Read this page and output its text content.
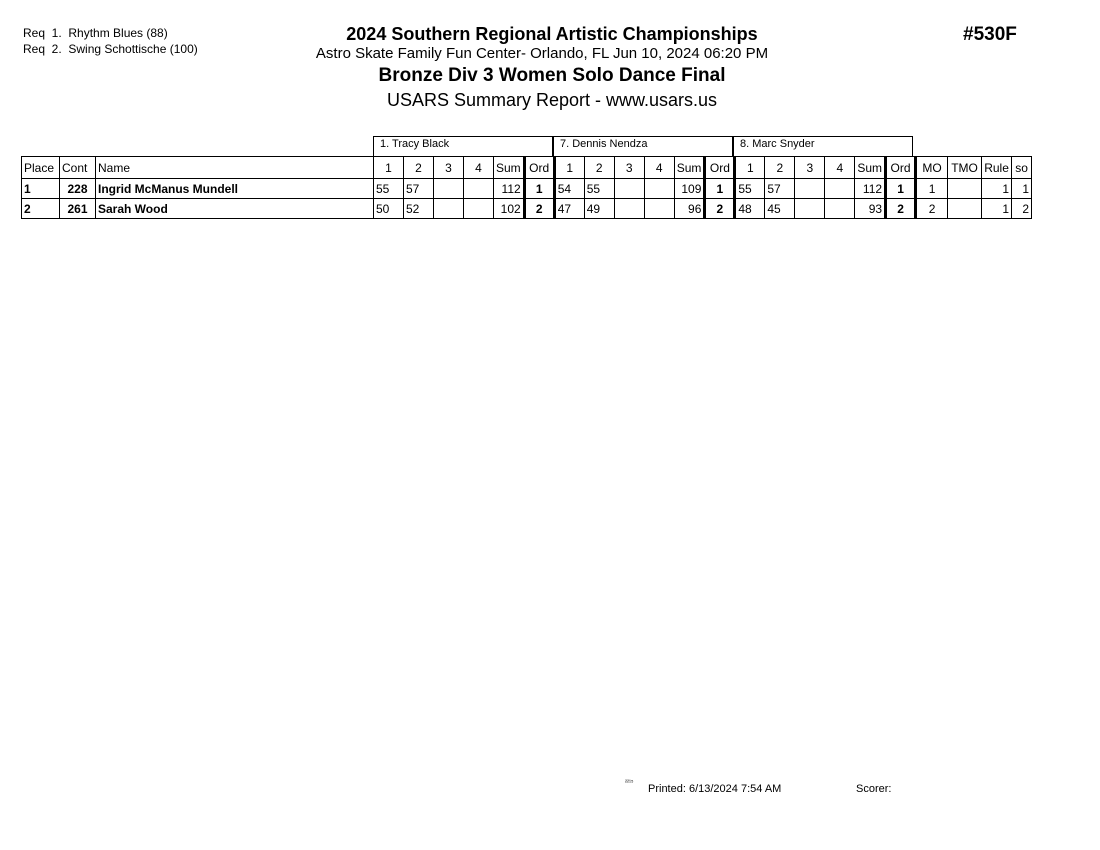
Req  1.  Rhythm Blues (88)
Req  2.  Swing Schottische (100)
2024 Southern Regional Artistic Championships
Astro Skate Family Fun Center- Orlando, FL Jun 10, 2024 06:20 PM
Bronze Div 3 Women Solo Dance Final
USARS Summary Report - www.usars.us
#530F
1. Tracy Black	7. Dennis Nendza	8. Marc Snyder
Place	Cont	Name	1	2	3	4	Sum	Ord	1	2	3	4	Sum	Ord	1	2	3	4	Sum	Ord	MO	TMO	Rule	so
1	228	Ingrid McManus Mundell	55	57			112	1	54	55			109	1	55	57			112	1	1		1	1
2	261	Sarah Wood	50	52			102	2	47	49			96	2	48	45			93	2	2		1	2
²²¹⁵ Printed: 6/13/2024 7:54 AM	Scorer:
